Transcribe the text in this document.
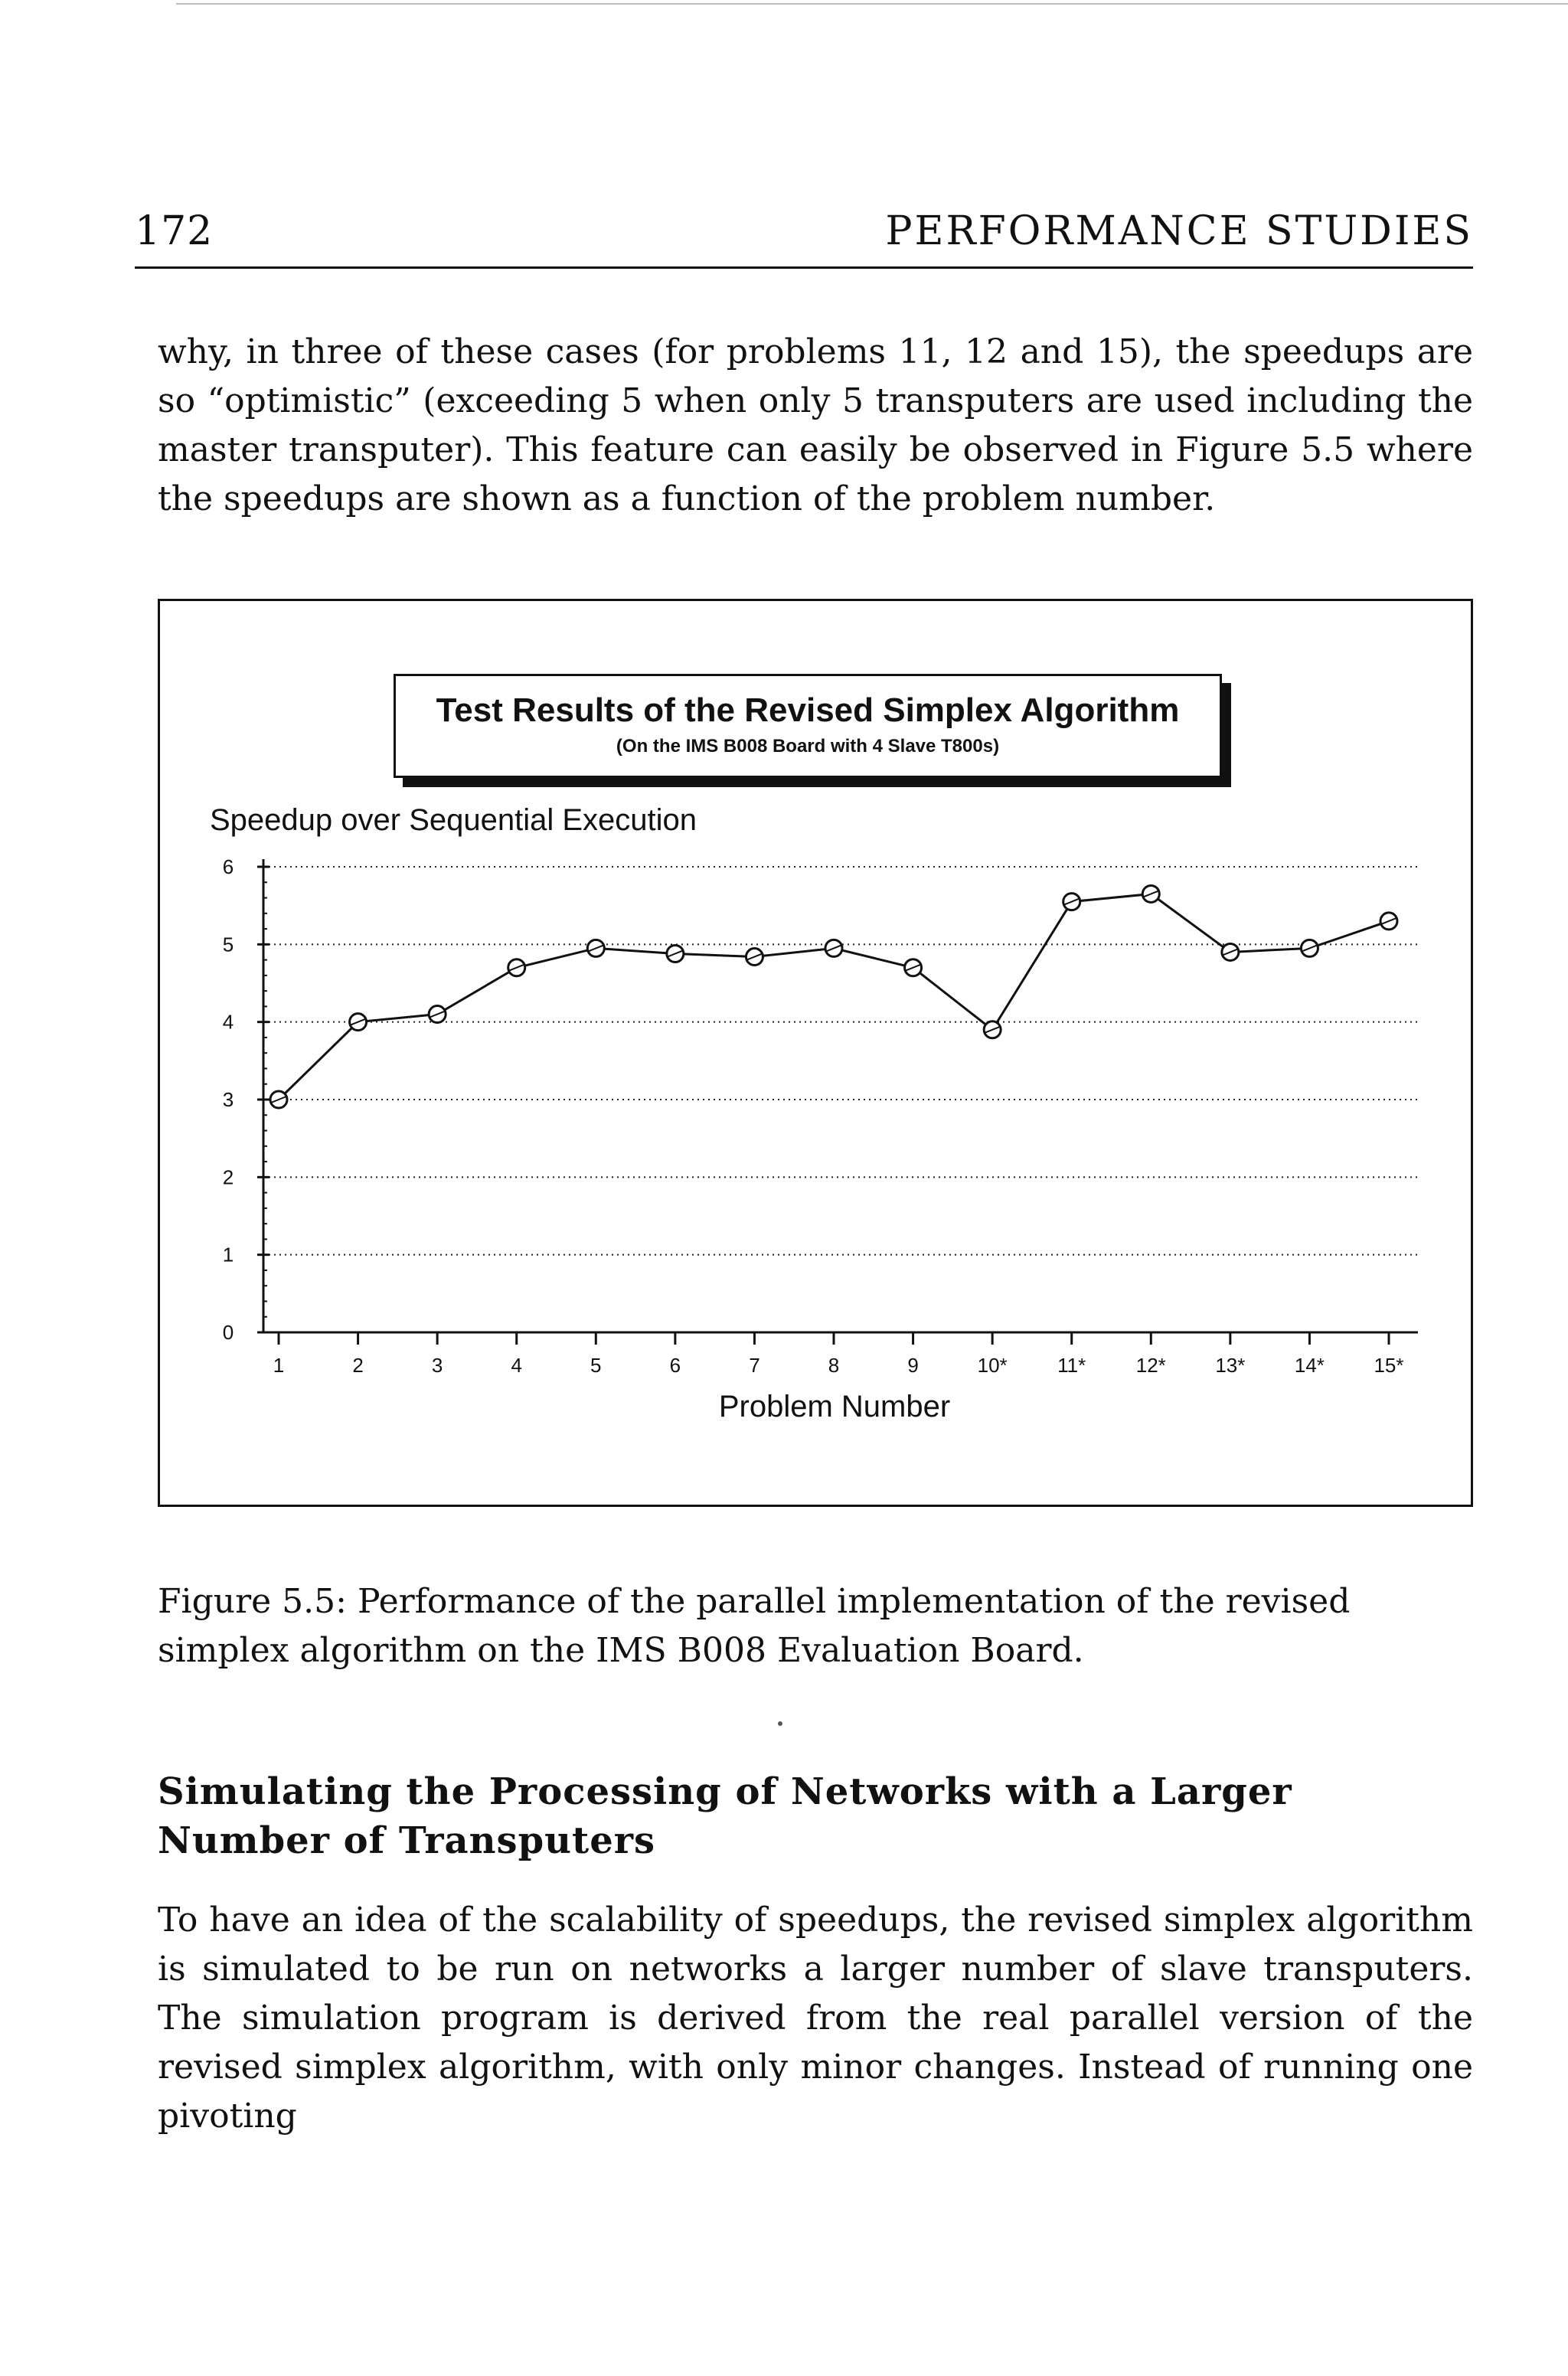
172	PERFORMANCE STUDIES

why, in three of these cases (for problems 11, 12 and 15), the speedups are so “optimistic” (exceeding 5 when only 5 transputers are used including the master transputer). This feature can easily be observed in Figure 5.5 where the speedups are shown as a function of the problem number.

Speedup over Sequential Execution
0
1
2
3
4
5
6
1	2	3	4	5	6	7	8	9	10*	11*	12* 13* 14* 15*
Problem Number
Test Results of the Revised Simplex Algorithm
(On the IMS B008 Board with 4 Slave T800s)

Figure 5.5: Performance of the parallel implementation of the revised simplex algorithm on the IMS B008 Evaluation Board.

Simulating the Processing of Networks with a Larger Number of Transputers

To have an idea of the scalability of speedups, the revised simplex algorithm is simulated to be run on networks a larger number of slave transputers. The simulation program is derived from the real parallel version of the revised simplex algorithm, with only minor changes. Instead of running one pivoting
